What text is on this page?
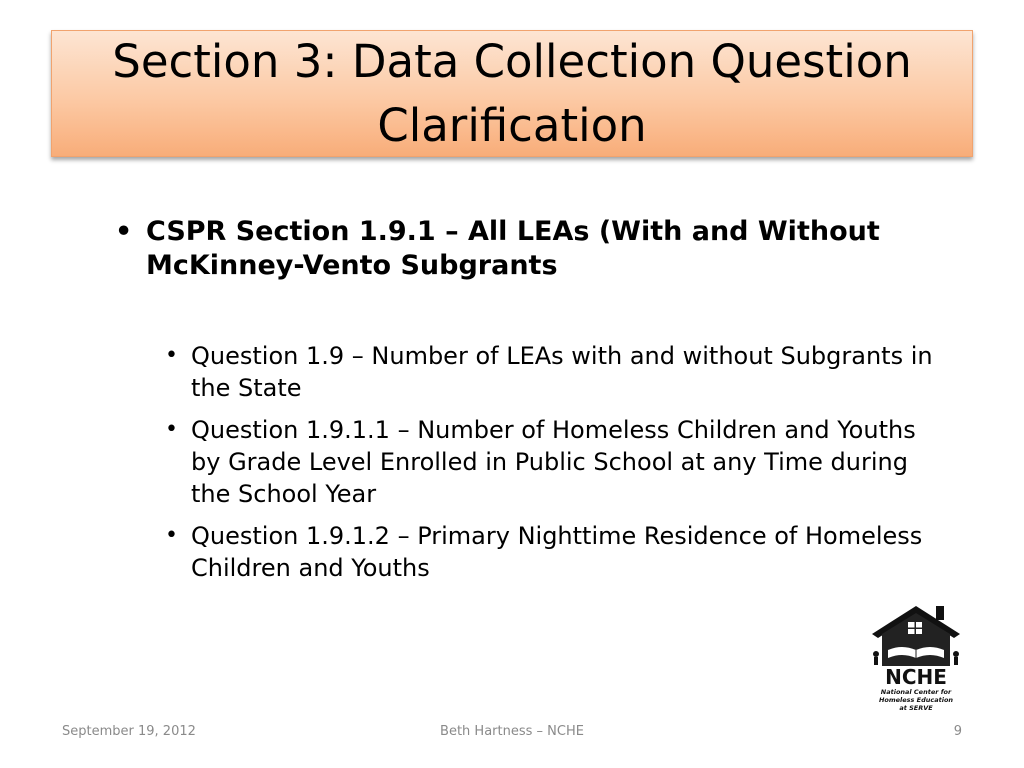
Section 3: Data Collection Question Clarification
• CSPR Section 1.9.1 – All LEAs (With and Without McKinney-Vento Subgrants
• Question 1.9 – Number of LEAs with and without Subgrants in the State
• Question 1.9.1.1 – Number of Homeless Children and Youths by Grade Level Enrolled in Public School at any Time during the School Year
• Question 1.9.1.2 – Primary Nighttime Residence of Homeless Children and Youths
NCHE
National Center for
Homeless Education
at SERVE
September 19, 2012	Beth Hartness – NCHE	9
